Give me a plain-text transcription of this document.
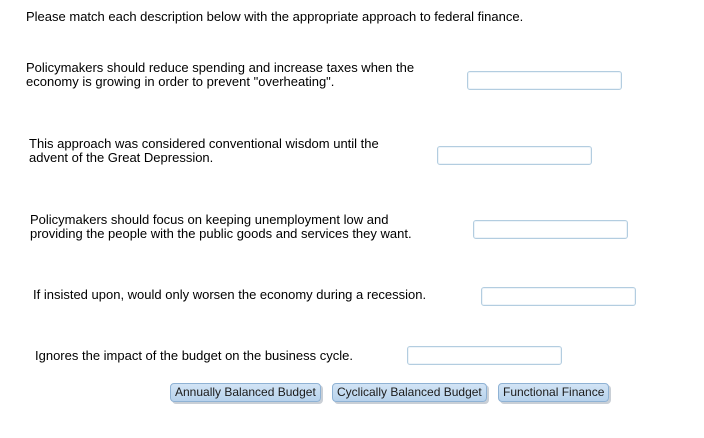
Please match each description below with the appropriate approach to federal finance.
Policymakers should reduce spending and increase taxes when the
economy is growing in order to prevent "overheating".
This approach was considered conventional wisdom until the
advent of the Great Depression.
Policymakers should focus on keeping unemployment low and
providing the people with the public goods and services they want.
If insisted upon, would only worsen the economy during a recession.
Ignores the impact of the budget on the business cycle.
Annually Balanced Budget	Cyclically Balanced Budget	Functional Finance
